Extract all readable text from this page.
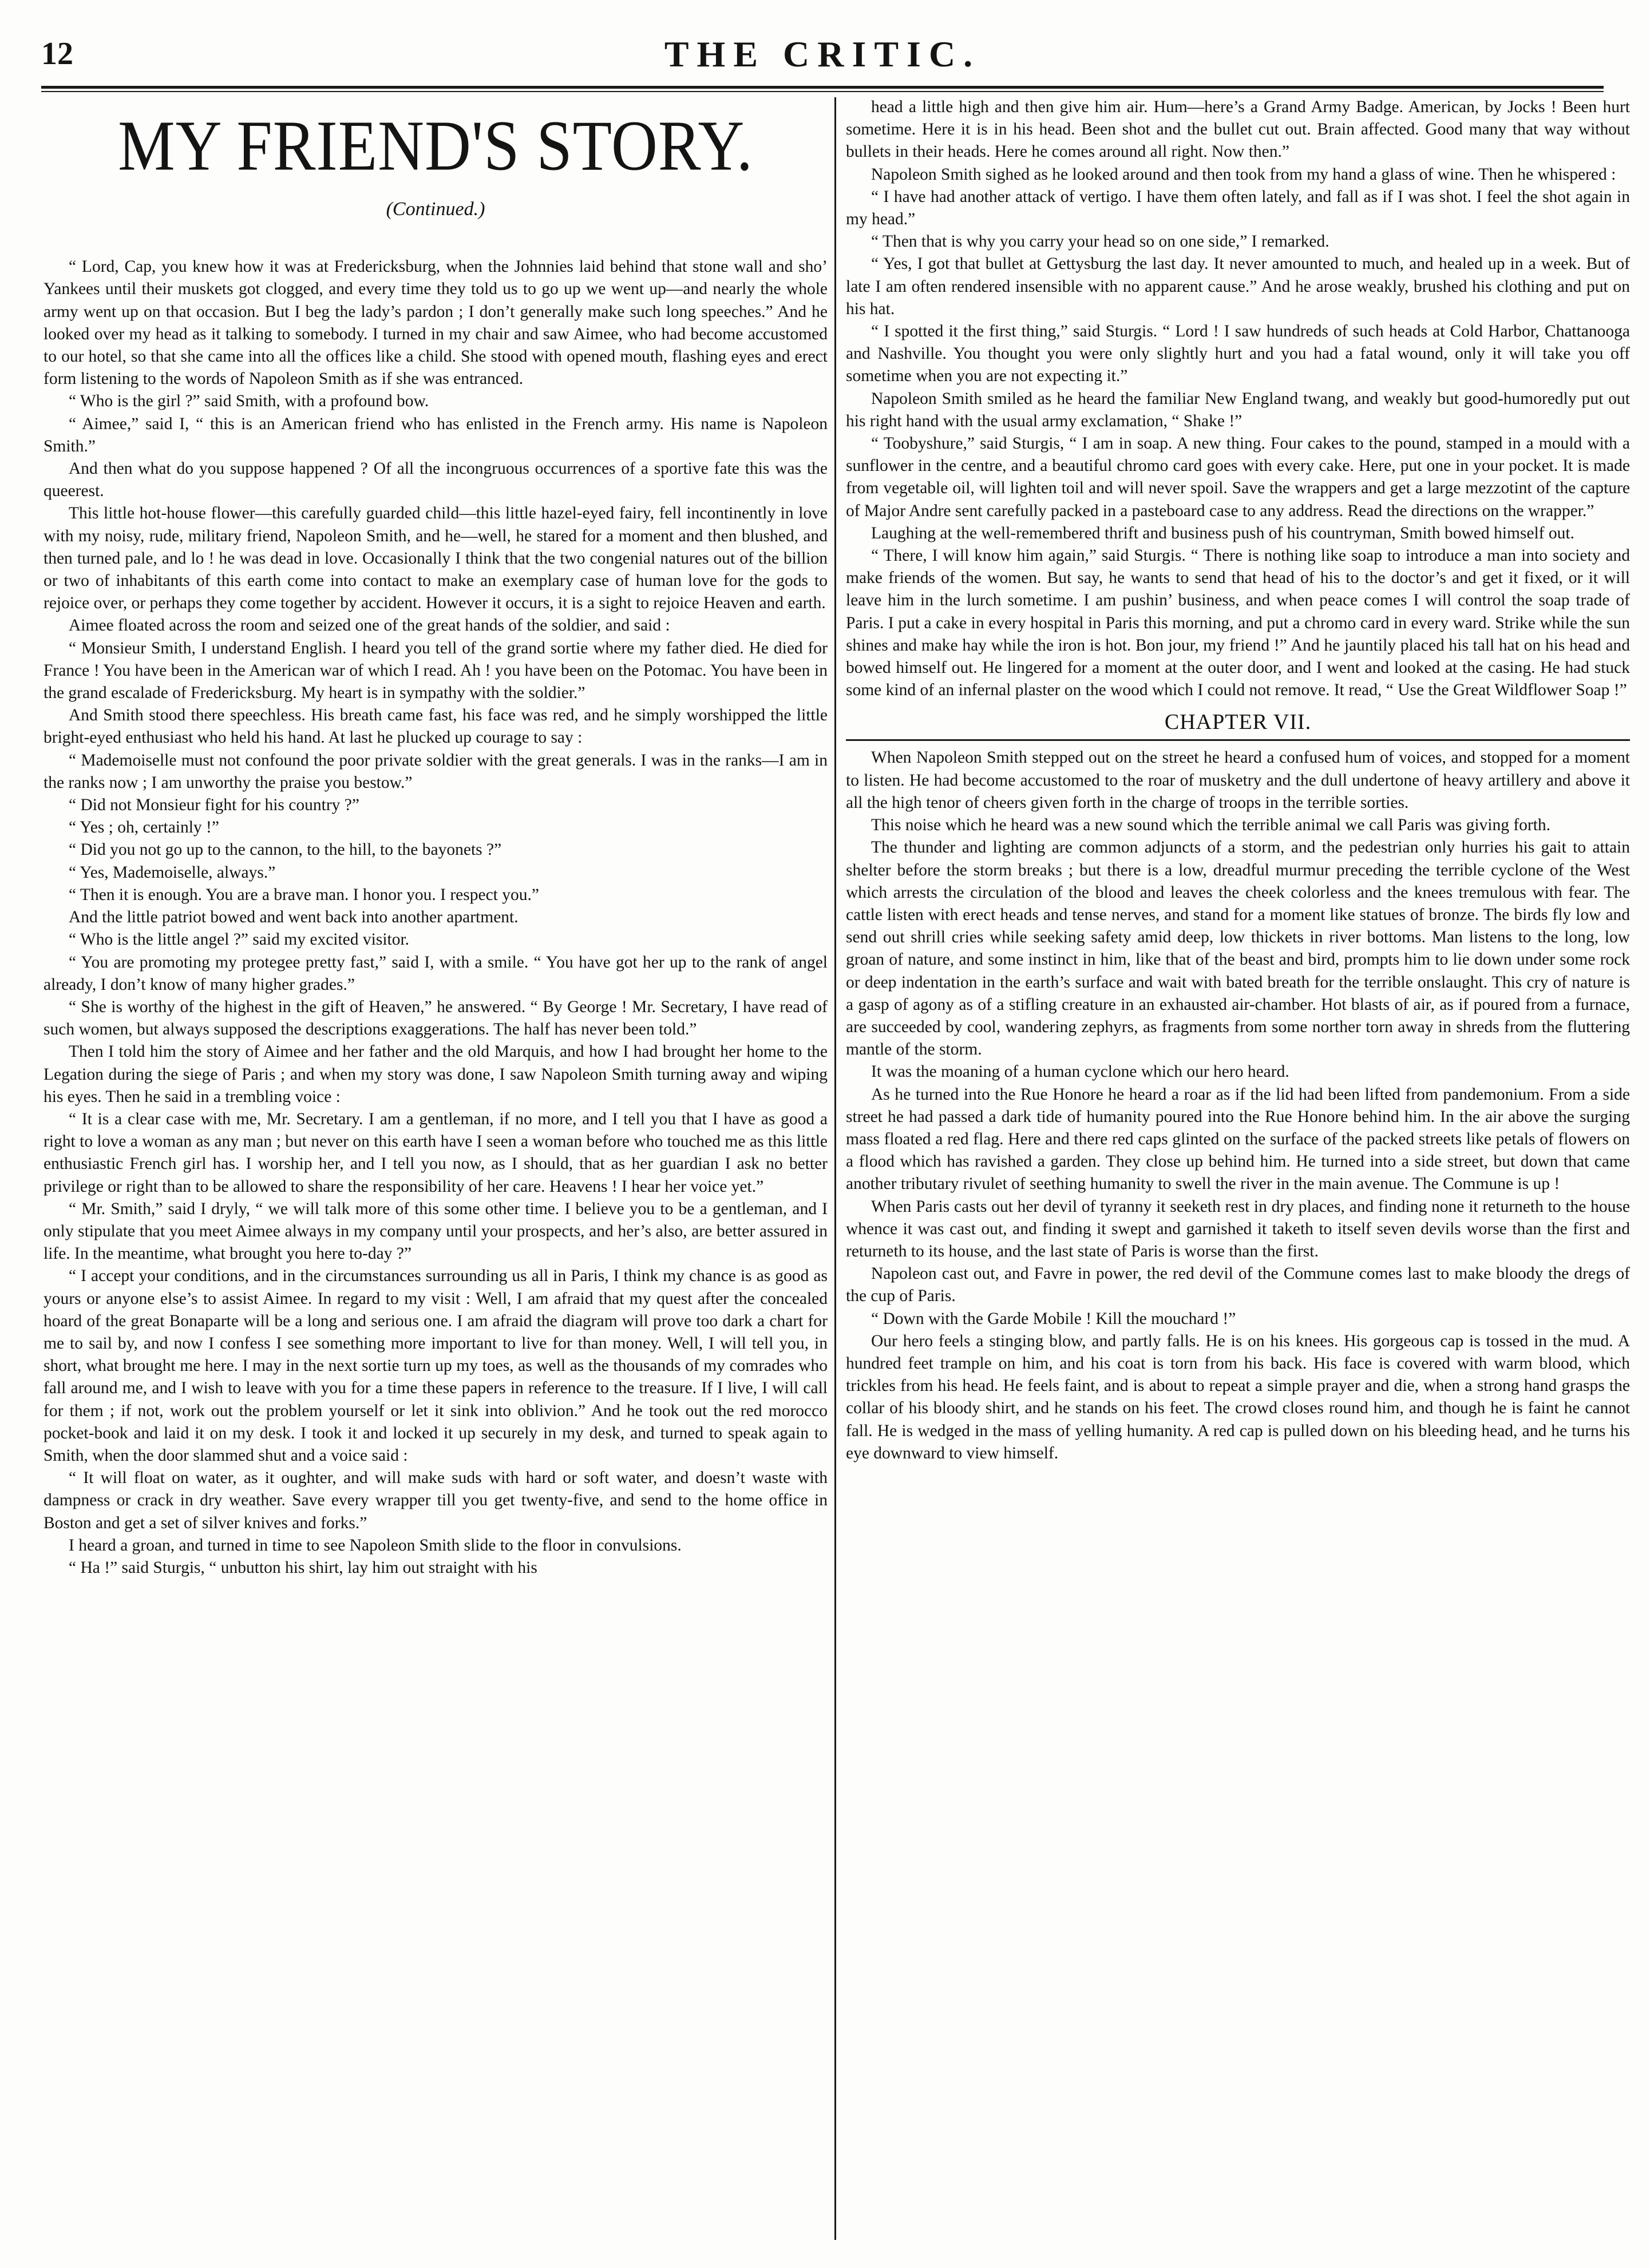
12	THE CRITIC.
MY FRIEND'S STORY.
(Continued.)

“ Lord, Cap, you knew how it was at Fredericksburg, when the Johnnies laid behind that stone wall and sho’ Yankees until their muskets got clogged, and every time they told us to go up we went up—and nearly the whole army went up on that occasion. But I beg the lady’s pardon ; I don’t generally make such long speeches.” And he looked over my head as it talking to somebody. I turned in my chair and saw Aimee, who had become accustomed to our hotel, so that she came into all the offices like a child. She stood with opened mouth, flashing eyes and erect form listening to the words of Napoleon Smith as if she was entranced.

“ Who is the girl ?” said Smith, with a profound bow.

“ Aimee,” said I, “ this is an American friend who has enlisted in the French army. His name is Napoleon Smith.”

And then what do you suppose happened ? Of all the incongruous occurrences of a sportive fate this was the queerest.

This little hot-house flower—this carefully guarded child—this little hazel-eyed fairy, fell incontinently in love with my noisy, rude, military friend, Napoleon Smith, and he—well, he stared for a moment and then blushed, and then turned pale, and lo ! he was dead in love. Occasionally I think that the two congenial natures out of the billion or two of inhabitants of this earth come into contact to make an exemplary case of human love for the gods to rejoice over, or perhaps they come together by accident. However it occurs, it is a sight to rejoice Heaven and earth.

Aimee floated across the room and seized one of the great hands of the soldier, and said :

“ Monsieur Smith, I understand English. I heard you tell of the grand sortie where my father died. He died for France ! You have been in the American war of which I read. Ah ! you have been on the Potomac. You have been in the grand escalade of Fredericksburg. My heart is in sympathy with the soldier.”

And Smith stood there speechless. His breath came fast, his face was red, and he simply worshipped the little bright-eyed enthusiast who held his hand. At last he plucked up courage to say :

“ Mademoiselle must not confound the poor private soldier with the great generals. I was in the ranks—I am in the ranks now ; I am unworthy the praise you bestow.”

“ Did not Monsieur fight for his country ?”

“ Yes ; oh, certainly !”

“ Did you not go up to the cannon, to the hill, to the bayonets ?”

“ Yes, Mademoiselle, always.”

“ Then it is enough. You are a brave man. I honor you. I respect you.”

And the little patriot bowed and went back into another apartment.

“ Who is the little angel ?” said my excited visitor.

“ You are promoting my protegee pretty fast,” said I, with a smile. “ You have got her up to the rank of angel already, I don’t know of many higher grades.”

“ She is worthy of the highest in the gift of Heaven,” he answered. “ By George ! Mr. Secretary, I have read of such women, but always supposed the descriptions exaggerations. The half has never been told.”

Then I told him the story of Aimee and her father and the old Marquis, and how I had brought her home to the Legation during the siege of Paris ; and when my story was done, I saw Napoleon Smith turning away and wiping his eyes. Then he said in a trembling voice :

“ It is a clear case with me, Mr. Secretary. I am a gentleman, if no more, and I tell you that I have as good a right to love a woman as any man ; but never on this earth have I seen a woman before who touched me as this little enthusiastic French girl has. I worship her, and I tell you now, as I should, that as her guardian I ask no better privilege or right than to be allowed to share the responsibility of her care. Heavens ! I hear her voice yet.”

“ Mr. Smith,” said I dryly, “ we will talk more of this some other time. I believe you to be a gentleman, and I only stipulate that you meet Aimee always in my company until your prospects, and her’s also, are better assured in life. In the meantime, what brought you here to-day ?”

“ I accept your conditions, and in the circumstances surrounding us all in Paris, I think my chance is as good as yours or anyone else’s to assist Aimee. In regard to my visit : Well, I am afraid that my quest after the concealed hoard of the great Bonaparte will be a long and serious one. I am afraid the diagram will prove too dark a chart for me to sail by, and now I confess I see something more important to live for than money. Well, I will tell you, in short, what brought me here. I may in the next sortie turn up my toes, as well as the thousands of my comrades who fall around me, and I wish to leave with you for a time these papers in reference to the treasure. If I live, I will call for them ; if not, work out the problem yourself or let it sink into oblivion.” And he took out the red morocco pocket-book and laid it on my desk. I took it and locked it up securely in my desk, and turned to speak again to Smith, when the door slammed shut and a voice said :

“ It will float on water, as it oughter, and will make suds with hard or soft water, and doesn’t waste with dampness or crack in dry weather. Save every wrapper till you get twenty-five, and send to the home office in Boston and get a set of silver knives and forks.”

I heard a groan, and turned in time to see Napoleon Smith slide to the floor in convulsions.

“ Ha !” said Sturgis, “ unbutton his shirt, lay him out straight with his

head a little high and then give him air. Hum—here’s a Grand Army Badge. American, by Jocks ! Been hurt sometime. Here it is in his head. Been shot and the bullet cut out. Brain affected. Good many that way without bullets in their heads. Here he comes around all right. Now then.”

Napoleon Smith sighed as he looked around and then took from my hand a glass of wine. Then he whispered :

“ I have had another attack of vertigo. I have them often lately, and fall as if I was shot. I feel the shot again in my head.”

“ Then that is why you carry your head so on one side,” I remarked.

“ Yes, I got that bullet at Gettysburg the last day. It never amounted to much, and healed up in a week. But of late I am often rendered insensible with no apparent cause.” And he arose weakly, brushed his clothing and put on his hat.

“ I spotted it the first thing,” said Sturgis. “ Lord ! I saw hundreds of such heads at Cold Harbor, Chattanooga and Nashville. You thought you were only slightly hurt and you had a fatal wound, only it will take you off sometime when you are not expecting it.”

Napoleon Smith smiled as he heard the familiar New England twang, and weakly but good-humoredly put out his right hand with the usual army exclamation, “ Shake !”

“ Toobyshure,” said Sturgis, “ I am in soap. A new thing. Four cakes to the pound, stamped in a mould with a sunflower in the centre, and a beautiful chromo card goes with every cake. Here, put one in your pocket. It is made from vegetable oil, will lighten toil and will never spoil. Save the wrappers and get a large mezzotint of the capture of Major Andre sent carefully packed in a pasteboard case to any address. Read the directions on the wrapper.”

Laughing at the well-remembered thrift and business push of his countryman, Smith bowed himself out.

“ There, I will know him again,” said Sturgis. “ There is nothing like soap to introduce a man into society and make friends of the women. But say, he wants to send that head of his to the doctor’s and get it fixed, or it will leave him in the lurch sometime. I am pushin’ business, and when peace comes I will control the soap trade of Paris. I put a cake in every hospital in Paris this morning, and put a chromo card in every ward. Strike while the sun shines and make hay while the iron is hot. Bon jour, my friend !” And he jauntily placed his tall hat on his head and bowed himself out. He lingered for a moment at the outer door, and I went and looked at the casing. He had stuck some kind of an infernal plaster on the wood which I could not remove. It read, “ Use the Great Wildflower Soap !”

CHAPTER VII.

When Napoleon Smith stepped out on the street he heard a confused hum of voices, and stopped for a moment to listen. He had become accustomed to the roar of musketry and the dull undertone of heavy artillery and above it all the high tenor of cheers given forth in the charge of troops in the terrible sorties.

This noise which he heard was a new sound which the terrible animal we call Paris was giving forth.

The thunder and lighting are common adjuncts of a storm, and the pedestrian only hurries his gait to attain shelter before the storm breaks ; but there is a low, dreadful murmur preceding the terrible cyclone of the West which arrests the circulation of the blood and leaves the cheek colorless and the knees tremulous with fear. The cattle listen with erect heads and tense nerves, and stand for a moment like statues of bronze. The birds fly low and send out shrill cries while seeking safety amid deep, low thickets in river bottoms. Man listens to the long, low groan of nature, and some instinct in him, like that of the beast and bird, prompts him to lie down under some rock or deep indentation in the earth’s surface and wait with bated breath for the terrible onslaught. This cry of nature is a gasp of agony as of a stifling creature in an exhausted air-chamber. Hot blasts of air, as if poured from a furnace, are succeeded by cool, wandering zephyrs, as fragments from some norther torn away in shreds from the fluttering mantle of the storm.

It was the moaning of a human cyclone which our hero heard.

As he turned into the Rue Honore he heard a roar as if the lid had been lifted from pandemonium. From a side street he had passed a dark tide of humanity poured into the Rue Honore behind him. In the air above the surging mass floated a red flag. Here and there red caps glinted on the surface of the packed streets like petals of flowers on a flood which has ravished a garden. They close up behind him. He turned into a side street, but down that came another tributary rivulet of seething humanity to swell the river in the main avenue. The Commune is up !

When Paris casts out her devil of tyranny it seeketh rest in dry places, and finding none it returneth to the house whence it was cast out, and finding it swept and garnished it taketh to itself seven devils worse than the first and returneth to its house, and the last state of Paris is worse than the first.

Napoleon cast out, and Favre in power, the red devil of the Commune comes last to make bloody the dregs of the cup of Paris.

“ Down with the Garde Mobile ! Kill the mouchard !”

Our hero feels a stinging blow, and partly falls. He is on his knees. His gorgeous cap is tossed in the mud. A hundred feet trample on him, and his coat is torn from his back. His face is covered with warm blood, which trickles from his head. He feels faint, and is about to repeat a simple prayer and die, when a strong hand grasps the collar of his bloody shirt, and he stands on his feet. The crowd closes round him, and though he is faint he cannot fall. He is wedged in the mass of yelling humanity. A red cap is pulled down on his bleeding head, and he turns his eye downward to view himself.
